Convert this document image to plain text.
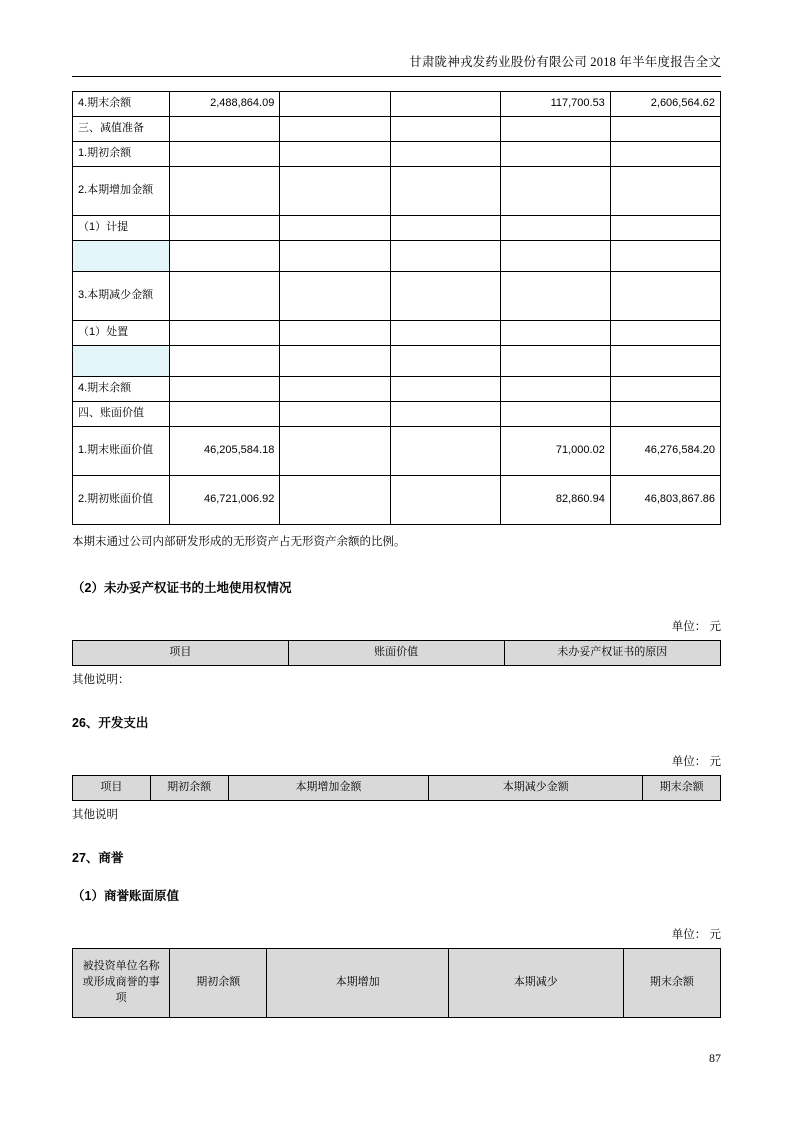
甘肃陇神戎发药业股份有限公司 2018 年半年度报告全文
4.期末余额	2,488,864.09			117,700.53	2,606,564.62
三、减值准备					
1.期初余额					
2.本期增加金额					
（1）计提					

3.本期减少金额					
（1）处置					

4.期末余额					
四、账面价值					
1.期末账面价值	46,205,584.18			71,000.02	46,276,584.20
2.期初账面价值	46,721,006.92			82,860.94	46,803,867.86
本期末通过公司内部研发形成的无形资产占无形资产余额的比例。
（2）未办妥产权证书的土地使用权情况
单位： 元
项目	账面价值	未办妥产权证书的原因
其他说明：
26、开发支出
单位： 元
项目	期初余额	本期增加金额	本期减少金额	期末余额
其他说明
27、商誉
（1）商誉账面原值
单位： 元
被投资单位名称或形成商誉的事项	期初余额	本期增加	本期减少	期末余额
87
